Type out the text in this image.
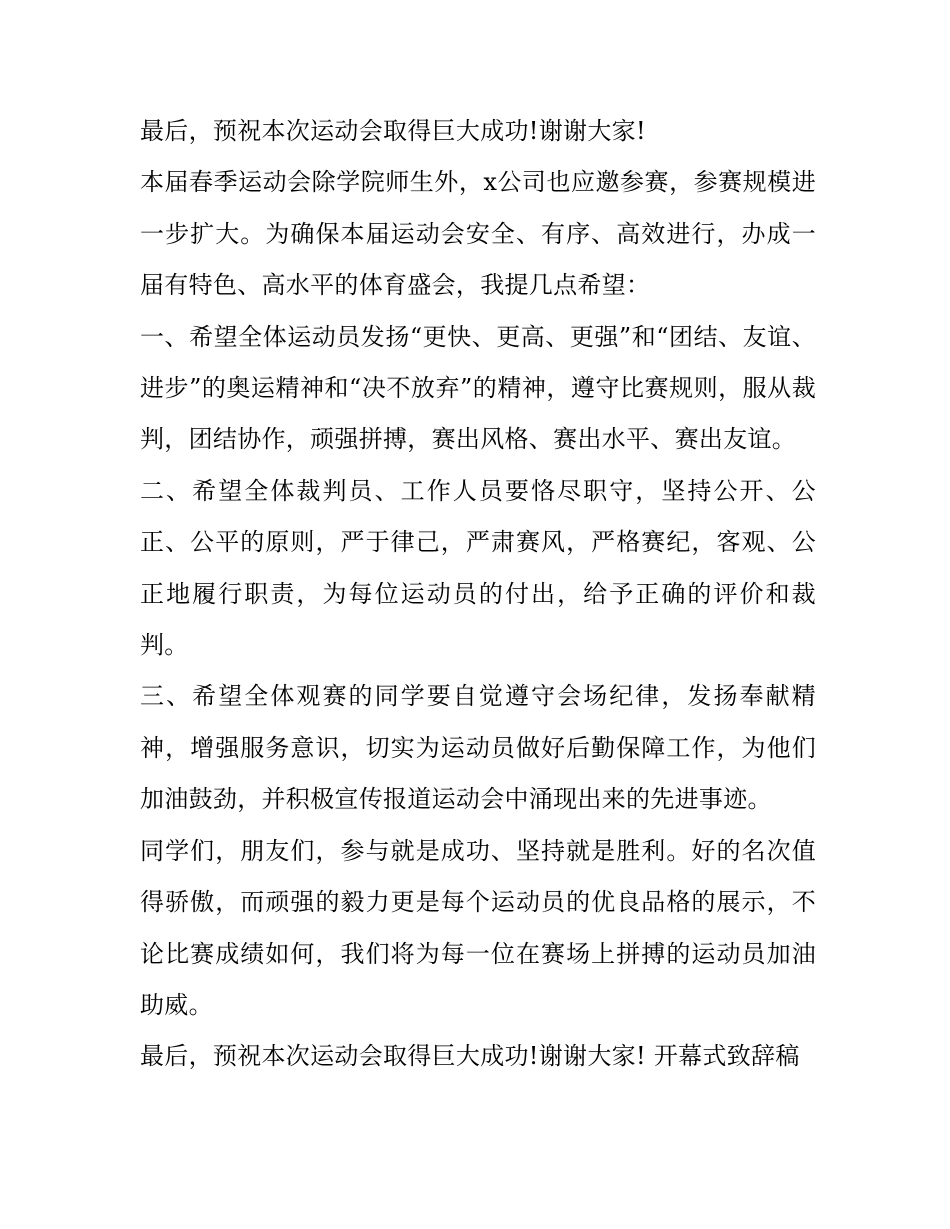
最后，预祝本次运动会取得巨大成功!谢谢大家!

本届春季运动会除学院师生外，x公司也应邀参赛，参赛规模进一步扩大。为确保本届运动会安全、有序、高效进行，办成一届有特色、高水平的体育盛会，我提几点希望：

一、希望全体运动员发扬“更快、更高、更强”和“团结、友谊、进步”的奥运精神和“决不放弃”的精神，遵守比赛规则，服从裁判，团结协作，顽强拼搏，赛出风格、赛出水平、赛出友谊。

二、希望全体裁判员、工作人员要恪尽职守，坚持公开、公正、公平的原则，严于律己，严肃赛风，严格赛纪，客观、公正地履行职责，为每位运动员的付出，给予正确的评价和裁判。

三、希望全体观赛的同学要自觉遵守会场纪律，发扬奉献精神，增强服务意识，切实为运动员做好后勤保障工作，为他们加油鼓劲，并积极宣传报道运动会中涌现出来的先进事迹。

同学们，朋友们，参与就是成功、坚持就是胜利。好的名次值得骄傲，而顽强的毅力更是每个运动员的优良品格的展示，不论比赛成绩如何，我们将为每一位在赛场上拼搏的运动员加油助威。

最后，预祝本次运动会取得巨大成功!谢谢大家! 开幕式致辞稿
